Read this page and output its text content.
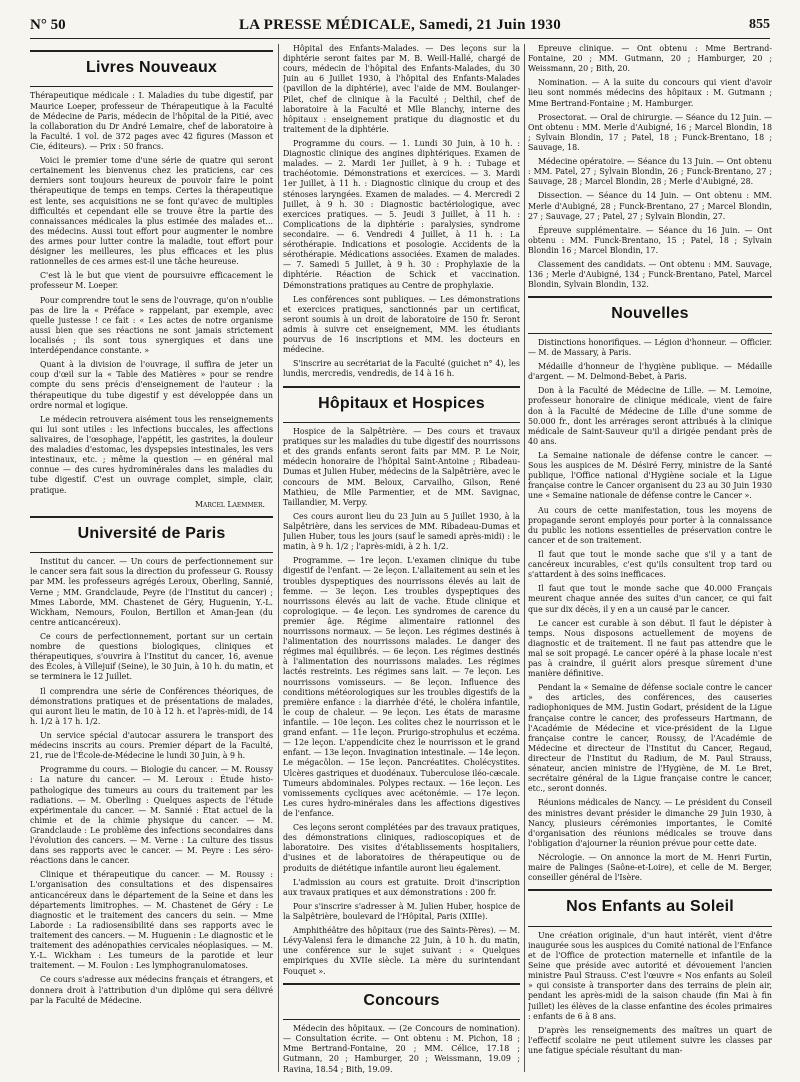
N° 50	LA PRESSE MÉDICALE, Samedi, 21 Juin 1930	855
Livres Nouveaux

Thérapeutique médicale : I. Maladies du tube digestif, par Maurice Loeper, professeur de Thérapeutique à la Faculté de Médecine de Paris, médecin de l'hôpital de la Pitié, avec la collaboration du Dr André Lemaire, chef de laboratoire à la Faculté. 1 vol. de 372 pages avec 42 figures (Masson et Cie, éditeurs). — Prix : 50 francs.

Voici le premier tome d'une série de quatre qui seront certainement les bienvenus chez les praticiens, car ces derniers sont toujours heureux de pouvoir faire le point thérapeutique de temps en temps. Certes la thérapeutique est lente, ses acquisitions ne se font qu'avec de multiples difficultés et cependant elle se trouve être la partie des connaissances médicales la plus estimée des malades et... des médecins. Aussi tout effort pour augmenter le nombre des armes pour lutter contre la maladie, tout effort pour désigner les meilleures, les plus efficaces et les plus rationnelles de ces armes est-il une tâche heureuse.

C'est là le but que vient de poursuivre efficacement le professeur M. Loeper.

Pour comprendre tout le sens de l'ouvrage, qu'on n'oublie pas de lire la « Préface » rappelant, par exemple, avec quelle justesse ! ce fait : « Les actes de notre organisme aussi bien que ses réactions ne sont jamais strictement localisés ; ils sont tous synergiques et dans une interdépendance constante. »

Quant à la division de l'ouvrage, il suffira de jeter un coup d'œil sur la « Table des Matières » pour se rendre compte du sens précis d'enseignement de l'auteur : la thérapeutique du tube digestif y est développée dans un ordre normal et logique.

Le médecin retrouvera aisément tous les renseignements qui lui sont utiles : les infections buccales, les affections salivaires, de l'œsophage, l'appétit, les gastrites, la douleur des maladies d'estomac, les dyspepsies intestinales, les vers intestinaux, etc. ; même la question — en général mal connue — des cures hydrominérales dans les maladies du tube digestif. C'est un ouvrage complet, simple, clair, pratique.

Marcel Laemmer.
Université de Paris

Institut du cancer. — Un cours de perfectionnement sur le cancer sera fait sous la direction du professeur G. Roussy par MM. les professeurs agrégés Leroux, Oberling, Sannié, Verne ; MM. Grandclaude, Peyre (de l'Institut du cancer) ; Mmes Laborde, MM. Chastenet de Géry, Huguenin, Y.-L. Wickham, Nemours, Foulon, Bertillon et Aman-Jean (du centre anticancéreux).

Ce cours de perfectionnement, portant sur un certain nombre de questions biologiques, cliniques et thérapeutiques, s'ouvrira à l'Institut du cancer, 16, avenue des Écoles, à Villejuif (Seine), le 30 Juin, à 10 h. du matin, et se terminera le 12 Juillet.

Il comprendra une série de Conférences théoriques, de démonstrations pratiques et de présentations de malades, qui auront lieu le matin, de 10 à 12 h. et l'après-midi, de 14 h. 1/2 à 17 h. 1/2.

Un service spécial d'autocar assurera le transport des médecins inscrits au cours. Premier départ de la Faculté, 21, rue de l'École-de-Médecine le lundi 30 Juin, à 9 h.

Programme du cours. — Biologie du cancer. — M. Roussy : La nature du cancer. — M. Leroux : Étude histo-pathologique des tumeurs au cours du traitement par les radiations. — M. Oberling : Quelques aspects de l'étude expérimentale du cancer. — M. Sannié : État actuel de la chimie et de la chimie physique du cancer. — M. Grandclaude : Le problème des infections secondaires dans l'évolution des cancers. — M. Verne : La culture des tissus dans ses rapports avec le cancer. — M. Peyre : Les séro-réactions dans le cancer.

Clinique et thérapeutique du cancer. — M. Roussy : L'organisation des consultations et des dispensaires anticancéreux dans le département de la Seine et dans les départements limitrophes. — M. Chastenet de Géry : Le diagnostic et le traitement des cancers du sein. — Mme Laborde : La radiosensibilité dans ses rapports avec le traitement des cancers. — M. Huguenin : Le diagnostic et le traitement des adénopathies cervicales néoplasiques. — M. Y.-L. Wickham : Les tumeurs de la parotide et leur traitement. — M. Foulon : Les lymphogranulomatoses.

Ce cours s'adresse aux médecins français et étrangers, et donnera droit à l'attribution d'un diplôme qui sera délivré par la Faculté de Médecine.

Hôpital des Enfants-Malades. — Des leçons sur la diphtérie seront faites par M. B. Weill-Hallé, chargé de cours, médecin de l'hôpital des Enfants-Malades, du 30 Juin au 6 Juillet 1930, à l'hôpital des Enfants-Malades (pavillon de la diphtérie), avec l'aide de MM. Boulanger-Pilet, chef de clinique à la Faculté ; Delthil, chef de laboratoire à la Faculté et Mlle Blanchy, interne des hôpitaux : enseignement pratique du diagnostic et du traitement de la diphtérie.

Programme du cours. — 1. Lundi 30 Juin, à 10 h. : Diagnostic clinique des angines diphtériques. Examen de malades. — 2. Mardi 1er Juillet, à 9 h. : Tubage et trachéotomie. Démonstrations et exercices. — 3. Mardi 1er Juillet, à 11 h. : Diagnostic clinique du croup et des sténoses laryngées. Examen de malades. — 4. Mercredi 2 Juillet, à 9 h. 30 : Diagnostic bactériologique, avec exercices pratiques. — 5. Jeudi 3 Juillet, à 11 h. : Complications de la diphtérie : paralysies, syndrome secondaire. — 6. Vendredi 4 Juillet, à 11 h. : La sérothérapie. Indications et posologie. Accidents de la sérothérapie. Médications associées. Examen de malades. — 7. Samedi 5 Juillet, à 9 h. 30 : Prophylaxie de la diphtérie. Réaction de Schick et vaccination. Démonstrations pratiques au Centre de prophylaxie.

Les conférences sont publiques. — Les démonstrations et exercices pratiques, sanctionnés par un certificat, seront soumis à un droit de laboratoire de 150 fr. Seront admis à suivre cet enseignement, MM. les étudiants pourvus de 16 inscriptions et MM. les docteurs en médecine.

S'inscrire au secrétariat de la Faculté (guichet n° 4), les lundis, mercredis, vendredis, de 14 à 16 h.

Hôpitaux et Hospices

Hospice de la Salpêtrière. — Des cours et travaux pratiques sur les maladies du tube digestif des nourrissons et des grands enfants seront faits par MM. P. Le Noir, médecin honoraire de l'hôpital Saint-Antoine ; Ribadeau-Dumas et Julien Huber, médecins de la Salpêtrière, avec le concours de MM. Beloux, Carvailho, Gilson, René Mathieu, de Mlle Parmentier, et de MM. Savignac, Taillandier, M. Verpy.

Ces cours auront lieu du 23 Juin au 5 Juillet 1930, à la Salpêtrière, dans les services de MM. Ribadeau-Dumas et Julien Huber, tous les jours (sauf le samedi après-midi) : le matin, à 9 h. 1/2 ; l'après-midi, à 2 h. 1/2.

Programme. — 1re leçon. L'examen clinique du tube digestif de l'enfant. — 2e leçon. L'allaitement au sein et les troubles dyspeptiques des nourrissons élevés au lait de femme. — 3e leçon. Les troubles dyspeptiques des nourrissons élevés au lait de vache. Étude clinique et coprologique. — 4e leçon. Les syndromes de carence du premier âge. Régime alimentaire rationnel des nourrissons normaux. — 5e leçon. Les régimes destinés à l'alimentation des nourrissons malades. Le danger des régimes mal équilibrés. — 6e leçon. Les régimes destinés à l'alimentation des nourrissons malades. Les régimes lactés restreints. Les régimes sans lait. — 7e leçon. Les nourrissons vomisseurs. — 8e leçon. Influence des conditions météorologiques sur les troubles digestifs de la première enfance : la diarrhée d'été, le choléra infantile, le coup de chaleur. — 9e leçon. Les états de marasme infantile. — 10e leçon. Les colites chez le nourrisson et le grand enfant. — 11e leçon. Prurigo-strophulus et eczéma. — 12e leçon. L'appendicite chez le nourrisson et le grand enfant. — 13e leçon. Invagination intestinale. — 14e leçon. Le mégacôlon. — 15e leçon. Pancréatites. Cholécystites. Ulcères gastriques et duodénaux. Tuberculose iléo-cæcale. Tumeurs abdominales. Polypes rectaux. — 16e leçon. Les vomissements cycliques avec acétonémie. — 17e leçon. Les cures hydro-minérales dans les affections digestives de l'enfance.

Ces leçons seront complétées par des travaux pratiques, des démonstrations cliniques, radioscopiques et de laboratoire. Des visites d'établissements hospitaliers, d'usines et de laboratoires de thérapeutique ou de produits de diététique infantile auront lieu également.

L'admission au cours est gratuite. Droit d'inscription aux travaux pratiques et aux démonstrations : 200 fr.

Pour s'inscrire s'adresser à M. Julien Huber, hospice de la Salpêtrière, boulevard de l'Hôpital, Paris (XIIIe).

Amphithéâtre des hôpitaux (rue des Saints-Pères). — M. Lévy-Valensi fera le dimanche 22 Juin, à 10 h. du matin, une conférence sur le sujet suivant : « Quelques empiriques du XVIIe siècle. La mère du surintendant Fouquet ».

Concours

Médecin des hôpitaux. — (2e Concours de nomination). — Consultation écrite. — Ont obtenu : M. Pichon, 18 ; Mme Bertrand-Fontaine, 20 ; MM. Célice, 17.18 ; Gutmann, 20 ; Hamburger, 20 ; Weissmann, 19.09 ; Ravina, 18.54 ; Bith, 19.09.

Épreuve clinique. — Ont obtenu : Mme Bertrand-Fontaine, 20 ; MM. Gutmann, 20 ; Hamburger, 20 ; Weissmann, 20 ; Bith, 20.

Nomination. — A la suite du concours qui vient d'avoir lieu sont nommés médecins des hôpitaux : M. Gutmann ; Mme Bertrand-Fontaine ; M. Hamburger.

Prosectorat. — Oral de chirurgie. — Séance du 12 Juin. — Ont obtenu : MM. Merle d'Aubigné, 16 ; Marcel Blondin, 18 ; Sylvain Blondin, 17 ; Patel, 18 ; Funck-Brentano, 18 ; Sauvage, 18.

Médecine opératoire. — Séance du 13 Juin. — Ont obtenu : MM. Patel, 27 ; Sylvain Blondin, 26 ; Funck-Brentano, 27 ; Sauvage, 28 ; Marcel Blondin, 28 ; Merle d'Aubigné, 28.

Dissection. — Séance du 14 Juin. — Ont obtenu : MM. Merle d'Aubigné, 28 ; Funck-Brentano, 27 ; Marcel Blondin, 27 ; Sauvage, 27 ; Patel, 27 ; Sylvain Blondin, 27.

Épreuve supplémentaire. — Séance du 16 Juin. — Ont obtenu : MM. Funck-Brentano, 15 ; Patel, 18 ; Sylvain Blondin 16 ; Marcel Blondin, 17.

Classement des candidats. — Ont obtenu : MM. Sauvage, 136 ; Merle d'Aubigné, 134 ; Funck-Brentano, Patel, Marcel Blondin, Sylvain Blondin, 132.

Nouvelles

Distinctions honorifiques. — Légion d'honneur. — Officier. — M. de Massary, à Paris.

Médaille d'honneur de l'hygiène publique. — Médaille d'argent. — M. Delmond-Bebet, à Paris.

Don à la Faculté de Médecine de Lille. — M. Lemoine, professeur honoraire de clinique médicale, vient de faire don à la Faculté de Médecine de Lille d'une somme de 50.000 fr., dont les arrérages seront attribués à la clinique médicale de Saint-Sauveur qu'il a dirigée pendant près de 40 ans.

La Semaine nationale de défense contre le cancer. — Sous les auspices de M. Désiré Ferry, ministre de la Santé publique, l'Office national d'Hygiène sociale et la Ligue française contre le Cancer organisent du 23 au 30 Juin 1930 une « Semaine nationale de défense contre le Cancer ».

Au cours de cette manifestation, tous les moyens de propagande seront employés pour porter à la connaissance du public les notions essentielles de préservation contre le cancer et de son traitement.

Il faut que tout le monde sache que s'il y a tant de cancéreux incurables, c'est qu'ils consultent trop tard ou s'attardent à des soins inefficaces.

Il faut que tout le monde sache que 40.000 Français meurent chaque année des suites d'un cancer, ce qui fait que sur dix décès, il y en a un causé par le cancer.

Le cancer est curable à son début. Il faut le dépister à temps. Nous disposons actuellement de moyens de diagnostic et de traitement. Il ne faut pas attendre que le mal se soit propagé. Le cancer opéré à la phase locale n'est pas à craindre, il guérit alors presque sûrement d'une manière définitive.

Pendant la « Semaine de défense sociale contre le cancer » des articles, des conférences, des causeries radiophoniques de MM. Justin Godart, président de la Ligue française contre le cancer, des professeurs Hartmann, de l'Académie de Médecine et vice-président de la Ligue française contre le cancer, Roussy, de l'Académie de Médecine et directeur de l'Institut du Cancer, Regaud, directeur de l'Institut du Radium, de M. Paul Strauss, sénateur, ancien ministre de l'Hygiène, de M. Le Bret, secrétaire général de la Ligue française contre le cancer, etc., seront donnés.

Réunions médicales de Nancy. — Le président du Conseil des ministres devant présider le dimanche 29 Juin 1930, à Nancy, plusieurs cérémonies importantes, le Comité d'organisation des réunions médicales se trouve dans l'obligation d'ajourner la réunion prévue pour cette date.

Nécrologie. — On annonce la mort de M. Henri Furtin, maire de Palinges (Saône-et-Loire), et celle de M. Berger, conseiller général de l'Isère.

Nos Enfants au Soleil

Une création originale, d'un haut intérêt, vient d'être inaugurée sous les auspices du Comité national de l'Enfance et de l'Office de protection maternelle et infantile de la Seine que préside avec autorité et dévouement l'ancien ministre Paul Strauss. C'est l'œuvre « Nos enfants au Soleil » qui consiste à transporter dans des terrains de plein air, pendant les après-midi de la saison chaude (fin Mai à fin Juillet) les élèves de la classe enfantine des écoles primaires : enfants de 6 à 8 ans.

D'après les renseignements des maîtres un quart de l'effectif scolaire ne peut utilement suivre les classes par une fatigue spéciale résultant du man-
